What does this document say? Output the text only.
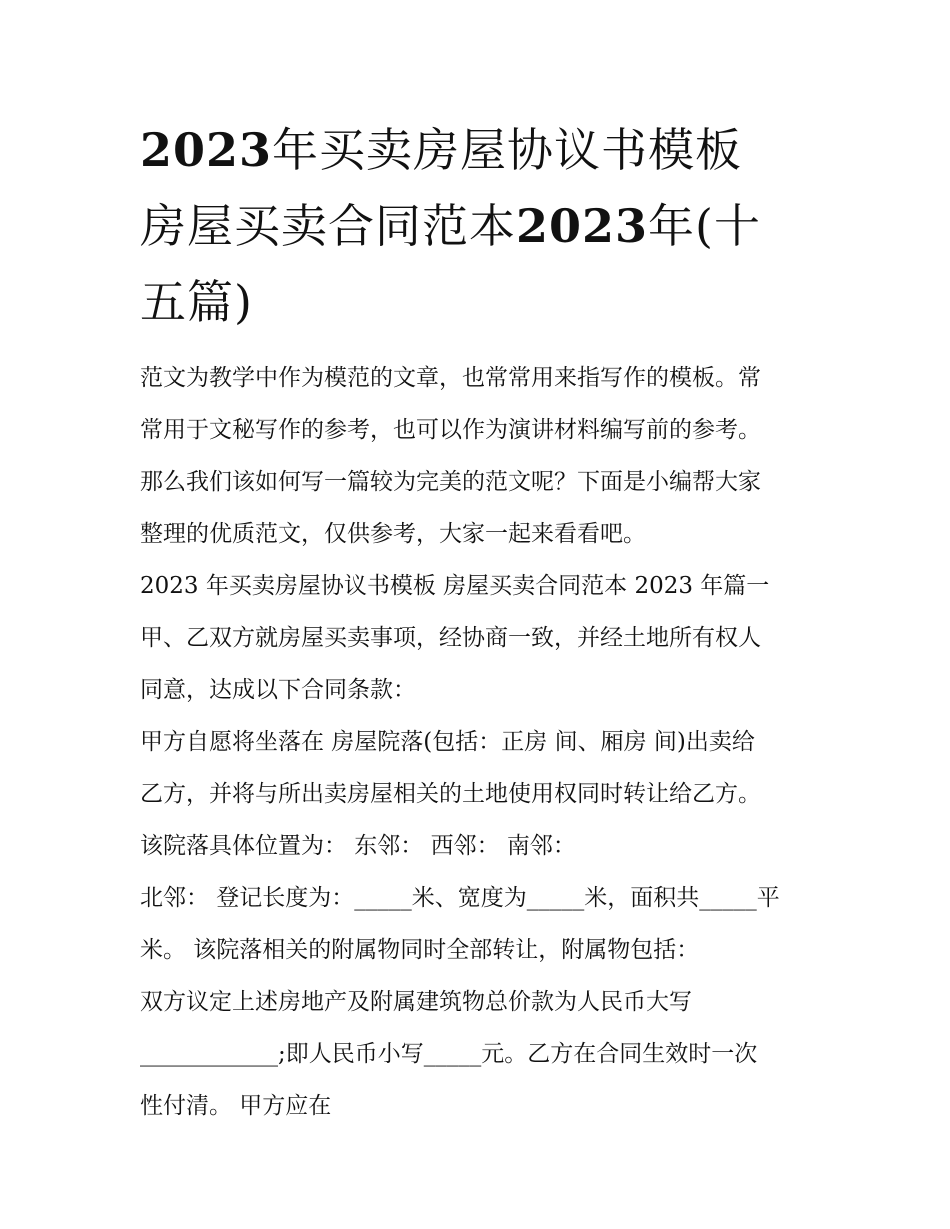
2023年买卖房屋协议书模板
房屋买卖合同范本2023年(十
五篇)

范文为教学中作为模范的文章，也常常用来指写作的模板。常
常用于文秘写作的参考，也可以作为演讲材料编写前的参考。
那么我们该如何写一篇较为完美的范文呢？下面是小编帮大家
整理的优质范文，仅供参考，大家一起来看看吧。

2023 年买卖房屋协议书模板 房屋买卖合同范本 2023 年篇一

甲、乙双方就房屋买卖事项，经协商一致，并经土地所有权人
同意，达成以下合同条款：
甲方自愿将坐落在 房屋院落(包括：正房 间、厢房 间)出卖给
乙方，并将与所出卖房屋相关的土地使用权同时转让给乙方。
该院落具体位置为： 东邻： 西邻： 南邻：
北邻： 登记长度为：_____米、宽度为_____米，面积共_____平
米。 该院落相关的附属物同时全部转让，附属物包括：
双方议定上述房地产及附属建筑物总价款为人民币大写
____________;即人民币小写_____元。乙方在合同生效时一次
性付清。 甲方应在
